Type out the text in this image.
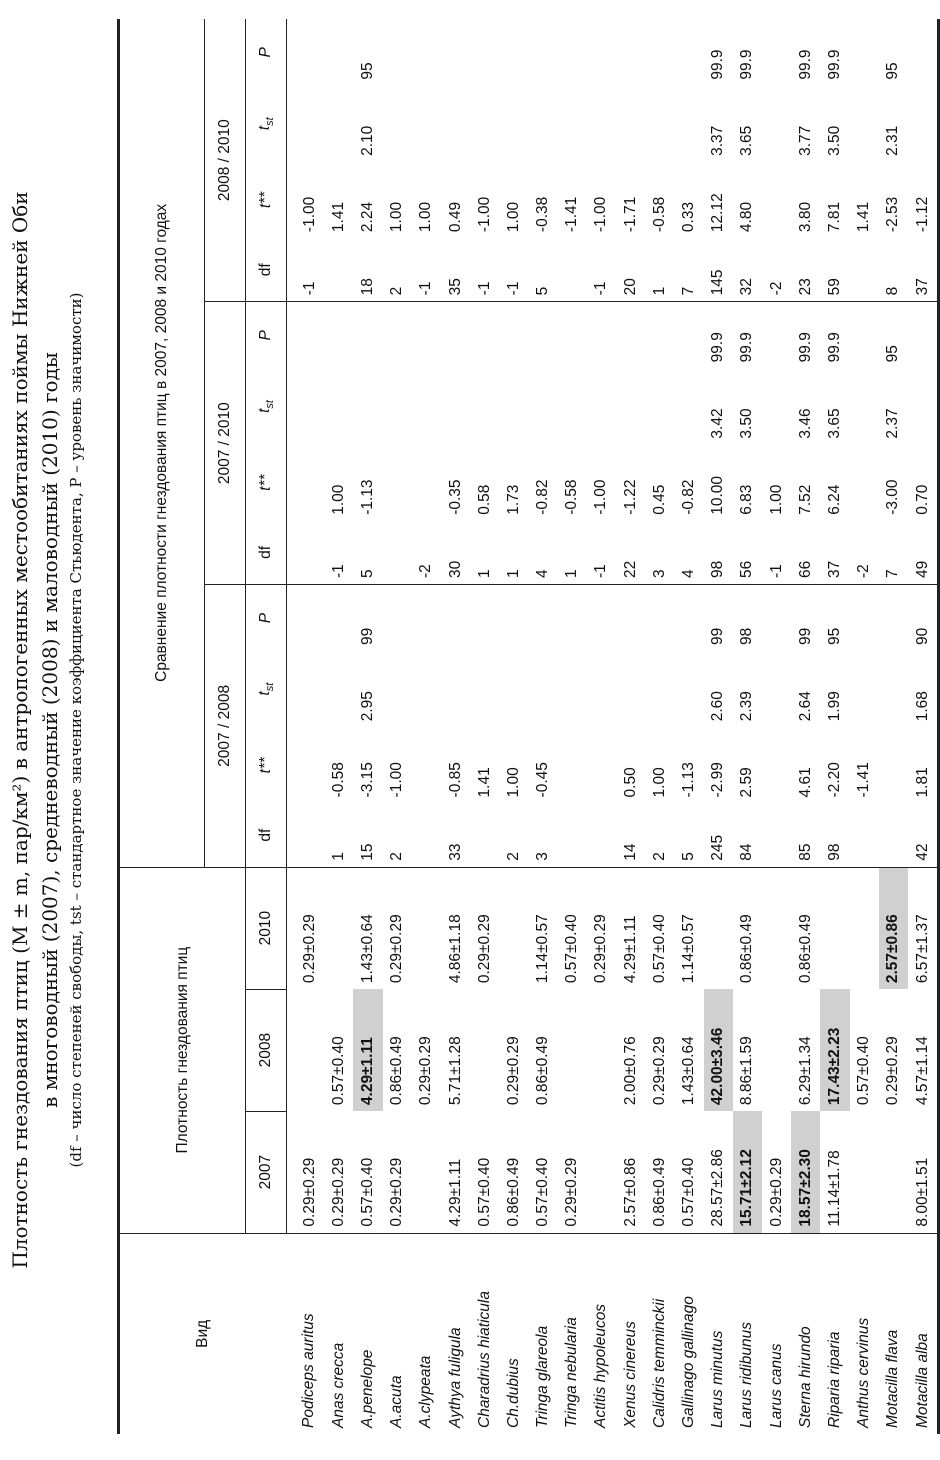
Плотность гнездования птиц (M ± m, пар/км²) в антропогенных местообитаниях поймы Нижней Оби в многоводный (2007), средневодный (2008) и маловодный (2010) годы (df – число степеней свободы, tst – стандартное значение коэффициента Стьюдента, P – уровень значимости)
Вид	Плотность гнездования птиц			Сравнение плотности гнездования птиц в 2007, 2008 и 2010 годах											
				2007 / 2008				2007 / 2010				2008 / 2010			
	2007	2008	2010	df	t**	$t_{st}$	P	df	t**	$t_{st}$	P	df	t**	$t_{st}$	P
Podiceps auritus	0.29±0.29		0.29±0.29									-1	-1.00		
Anas crecca	0.29±0.29	0.57±0.40		1	-0.58			-1	1.00				1.41		
A.penelope	0.57±0.40	4.29±1.11	1.43±0.64	15	-3.15	2.95	99	5	-1.13			18	2.24	2.10	95
A.acuta	0.29±0.29	0.86±0.49	0.29±0.29	2	-1.00							2	1.00		
A.clypeata		0.29±0.29						-2				-1	1.00		
Aythya fuligula	4.29±1.11	5.71±1.28	4.86±1.18	33	-0.85			30	-0.35			35	0.49		
Charadrius hiaticula	0.57±0.40		0.29±0.29		1.41			1	0.58			-1	-1.00		
Ch.dubius	0.86±0.49	0.29±0.29		2	1.00			1	1.73			-1	1.00		
Tringa glareola	0.57±0.40	0.86±0.49	1.14±0.57	3	-0.45			4	-0.82			5	-0.38		
Tringa nebularia	0.29±0.29		0.57±0.40					1	-0.58				-1.41		
Actitis hypoleucos			0.29±0.29					-1	-1.00			-1	-1.00		
Xenus cinereus	2.57±0.86	2.00±0.76	4.29±1.11	14	0.50			22	-1.22			20	-1.71		
Calidris temminckii	0.86±0.49	0.29±0.29	0.57±0.40	2	1.00			3	0.45			1	-0.58		
Gallinago gallinago	0.57±0.40	1.43±0.64	1.14±0.57	5	-1.13			4	-0.82			7	0.33		
Larus minutus	28.57±2.86	42.00±3.46		245	-2.99	2.60	99	98	10.00	3.42	99.9	145	12.12	3.37	99.9
Larus ridibunus	15.71±2.12	8.86±1.59	0.86±0.49	84	2.59	2.39	98	56	6.83	3.50	99.9	32	4.80	3.65	99.9
Larus canus	0.29±0.29							-1	1.00			-2			
Sterna hirundo	18.57±2.30	6.29±1.34	0.86±0.49	85	4.61	2.64	99	66	7.52	3.46	99.9	23	3.80	3.77	99.9
Riparia riparia	11.14±1.78	17.43±2.23		98	-2.20	1.99	95	37	6.24	3.65	99.9	59	7.81	3.50	99.9
Anthus cervinus		0.57±0.40			-1.41			-2					1.41		
Motacilla flava		0.29±0.29	2.57±0.86					7	-3.00	2.37	95	8	-2.53	2.31	95
Motacilla alba	8.00±1.51	4.57±1.14	6.57±1.37	42	1.81	1.68	90	49	0.70			37	-1.12		
